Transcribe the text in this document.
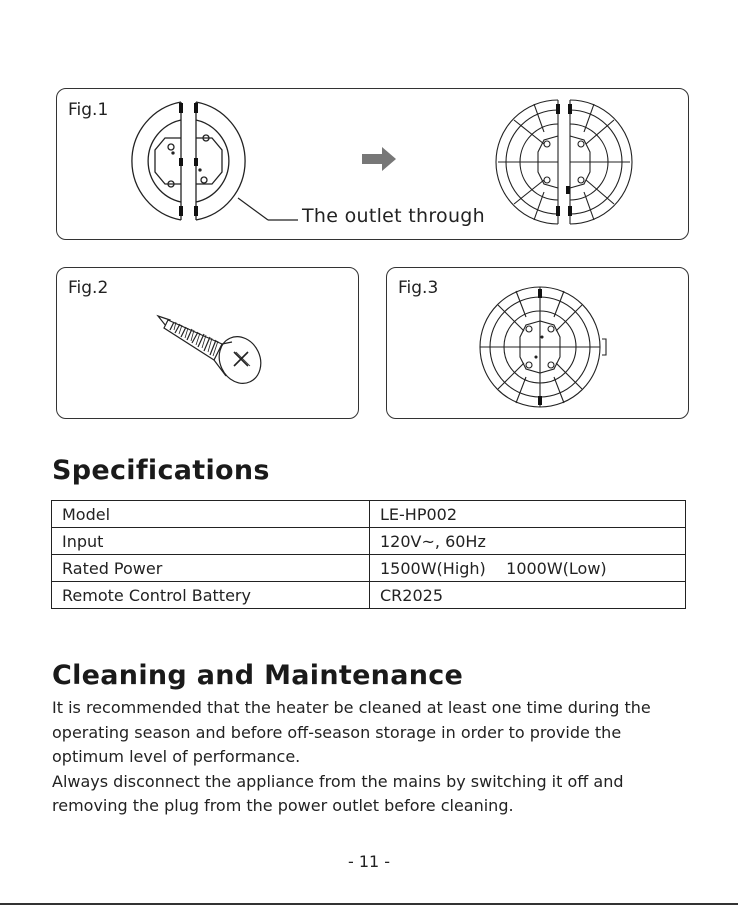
Fig.1
The outlet through
Fig.2	Fig.3
Specifications
Model	LE-HP002
Input	120V~, 60Hz
Rated Power	1500W(High)    1000W(Low)
Remote Control Battery	CR2025
Cleaning and Maintenance

It is recommended that the heater be cleaned at least one time during the operating season and before off-season storage in order to provide the optimum level of performance.

Always disconnect the appliance from the mains by switching it off and removing the plug from the power outlet before cleaning.

- 11 -
